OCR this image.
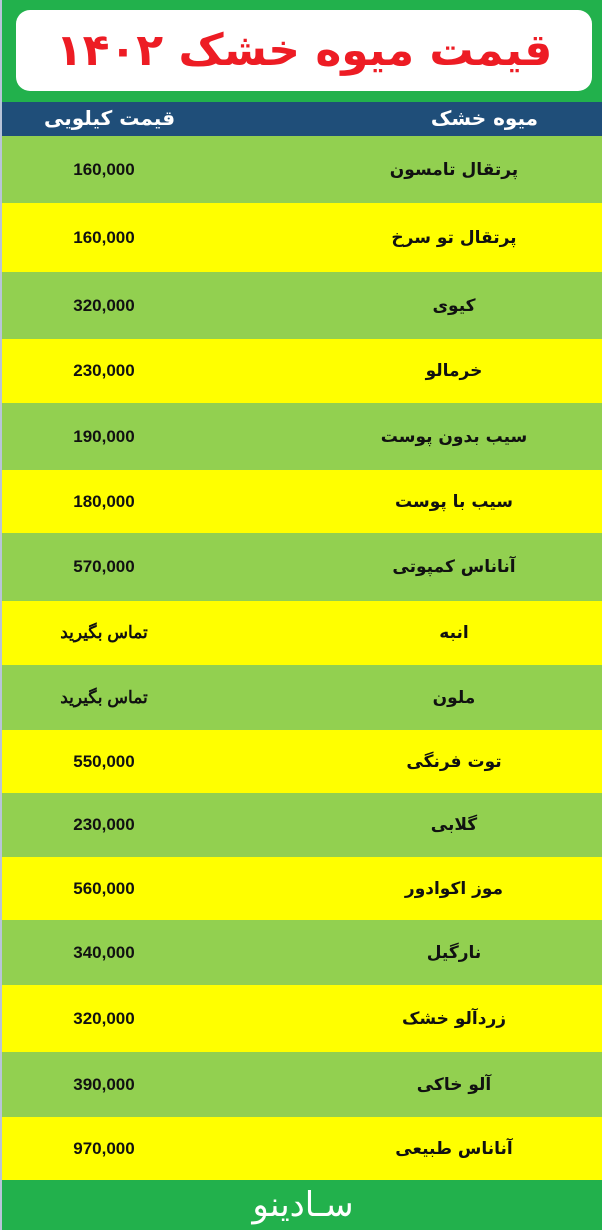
قیمت میوه خشک ۱۴۰۲
میوه خشک
قیمت کیلویی
پرتقال تامسون
160,000
پرتقال تو سرخ
160,000
کیوی
320,000
خرمالو
230,000
سیب بدون پوست
190,000
سیب با پوست
180,000
آناناس کمپوتی
570,000
انبه
تماس بگیرید
ملون
تماس بگیرید
توت فرنگی
550,000
گلابی
230,000
موز اکوادور
560,000
نارگیل
340,000
زردآلو خشک
320,000
آلو خاکی
390,000
آناناس طبیعی
970,000
سـادینو
